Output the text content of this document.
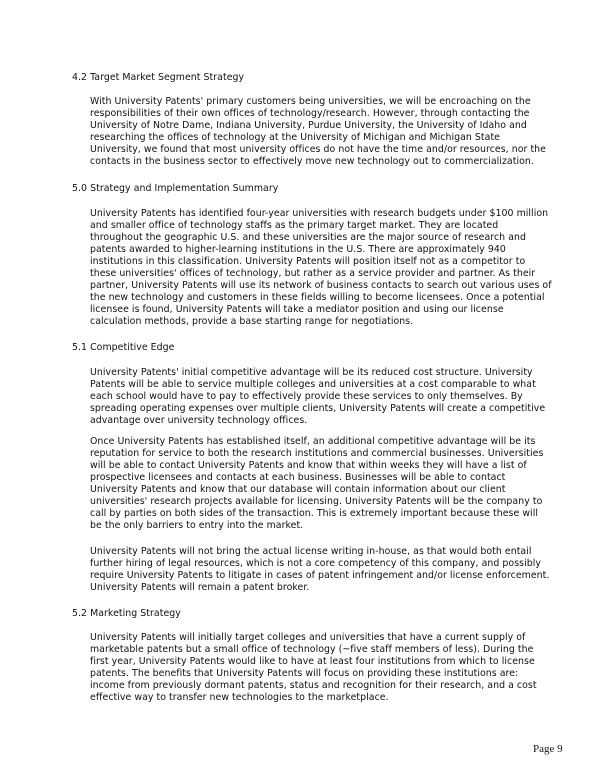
4.2 Target Market Segment Strategy
With University Patents' primary customers being universities, we will be encroaching on the responsibilities of their own offices of technology/research. However, through contacting the University of Notre Dame, Indiana University, Purdue University, the University of Idaho and researching the offices of technology at the University of Michigan and Michigan State University, we found that most university offices do not have the time and/or resources, nor the contacts in the business sector to effectively move new technology out to commercialization.
5.0 Strategy and Implementation Summary
University Patents has identified four-year universities with research budgets under $100 million and smaller office of technology staffs as the primary target market. They are located throughout the geographic U.S. and these universities are the major source of research and patents awarded to higher-learning institutions in the U.S. There are approximately 940 institutions in this classification. University Patents will position itself not as a competitor to these universities' offices of technology, but rather as a service provider and partner. As their partner, University Patents will use its network of business contacts to search out various uses of the new technology and customers in these fields willing to become licensees. Once a potential licensee is found, University Patents will take a mediator position and using our license calculation methods, provide a base starting range for negotiations.
5.1 Competitive Edge
University Patents' initial competitive advantage will be its reduced cost structure. University Patents will be able to service multiple colleges and universities at a cost comparable to what each school would have to pay to effectively provide these services to only themselves. By spreading operating expenses over multiple clients, University Patents will create a competitive advantage over university technology offices.
Once University Patents has established itself, an additional competitive advantage will be its reputation for service to both the research institutions and commercial businesses. Universities will be able to contact University Patents and know that within weeks they will have a list of prospective licensees and contacts at each business. Businesses will be able to contact University Patents and know that our database will contain information about our client universities' research projects available for licensing. University Patents will be the company to call by parties on both sides of the transaction. This is extremely important because these will be the only barriers to entry into the market.
University Patents will not bring the actual license writing in-house, as that would both entail further hiring of legal resources, which is not a core competency of this company, and possibly require University Patents to litigate in cases of patent infringement and/or license enforcement. University Patents will remain a patent broker.
5.2 Marketing Strategy
University Patents will initially target colleges and universities that have a current supply of marketable patents but a small office of technology (~five staff members of less). During the first year, University Patents would like to have at least four institutions from which to license patents. The benefits that University Patents will focus on providing these institutions are: income from previously dormant patents, status and recognition for their research, and a cost effective way to transfer new technologies to the marketplace.
Page 9
